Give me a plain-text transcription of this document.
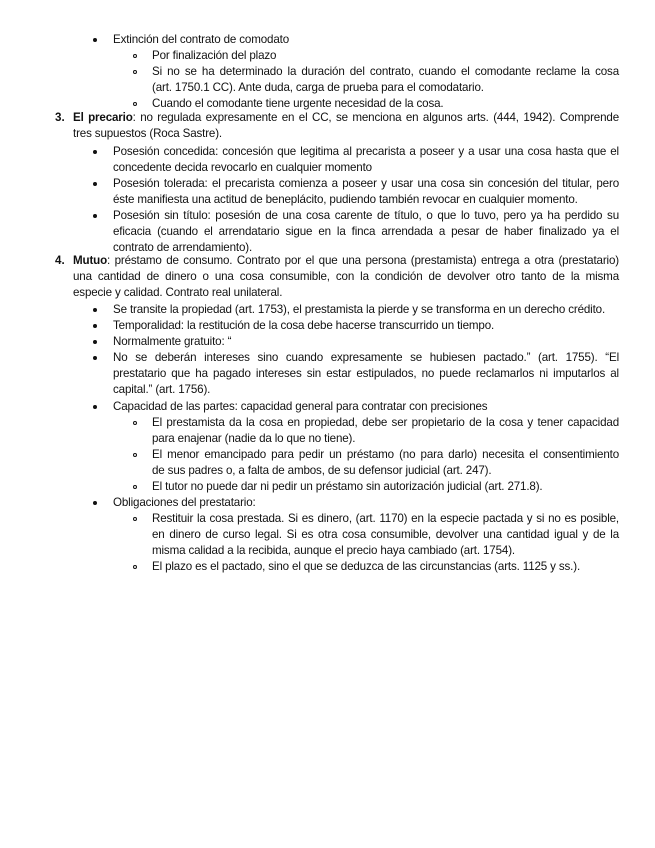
3.
4.
Extinción del contrato de comodato
Por finalización del plazo
Si no se ha determinado la duración del contrato, cuando el comodante reclame la cosa
(art. 1750.1 CC). Ante duda, carga de prueba para el comodatario.
Cuando el comodante tiene urgente necesidad de la cosa.
El precario: no regulada expresamente en el CC, se menciona en algunos arts. (444, 1942). Comprende
tres supuestos (Roca Sastre).
Posesión concedida: concesión que legitima al precarista a poseer y a usar una cosa hasta que el
concedente decida revocarlo en cualquier momento
Posesión tolerada: el precarista comienza a poseer y usar una cosa sin concesión del titular, pero
éste manifiesta una actitud de beneplácito, pudiendo también revocar en cualquier momento.
Posesión sin título: posesión de una cosa carente de título, o que lo tuvo, pero ya ha perdido su
eficacia (cuando el arrendatario sigue en la finca arrendada a pesar de haber finalizado ya el
contrato de arrendamiento).
Mutuo: préstamo de consumo. Contrato por el que una persona (prestamista) entrega a otra (prestatario)
una cantidad de dinero o una cosa consumible, con la condición de devolver otro tanto de la misma
especie y calidad. Contrato real unilateral.
Se transite la propiedad (art. 1753), el prestamista la pierde y se transforma en un derecho crédito.
Temporalidad: la restitución de la cosa debe hacerse transcurrido un tiempo.
Normalmente gratuito: “
No se deberán intereses sino cuando expresamente se hubiesen pactado.” (art. 1755). “El
prestatario que ha pagado intereses sin estar estipulados, no puede reclamarlos ni imputarlos al
capital.” (art. 1756).
Capacidad de las partes: capacidad general para contratar con precisiones
El prestamista da la cosa en propiedad, debe ser propietario de la cosa y tener capacidad
para enajenar (nadie da lo que no tiene).
El menor emancipado para pedir un préstamo (no para darlo) necesita el consentimiento
de sus padres o, a falta de ambos, de su defensor judicial (art. 247).
El tutor no puede dar ni pedir un préstamo sin autorización judicial (art. 271.8).
Obligaciones del prestatario:
Restituir la cosa prestada. Si es dinero, (art. 1170) en la especie pactada y si no es posible,
en dinero de curso legal. Si es otra cosa consumible, devolver una cantidad igual y de la
misma calidad a la recibida, aunque el precio haya cambiado (art. 1754).
El plazo es el pactado, sino el que se deduzca de las circunstancias (arts. 1125 y ss.).
